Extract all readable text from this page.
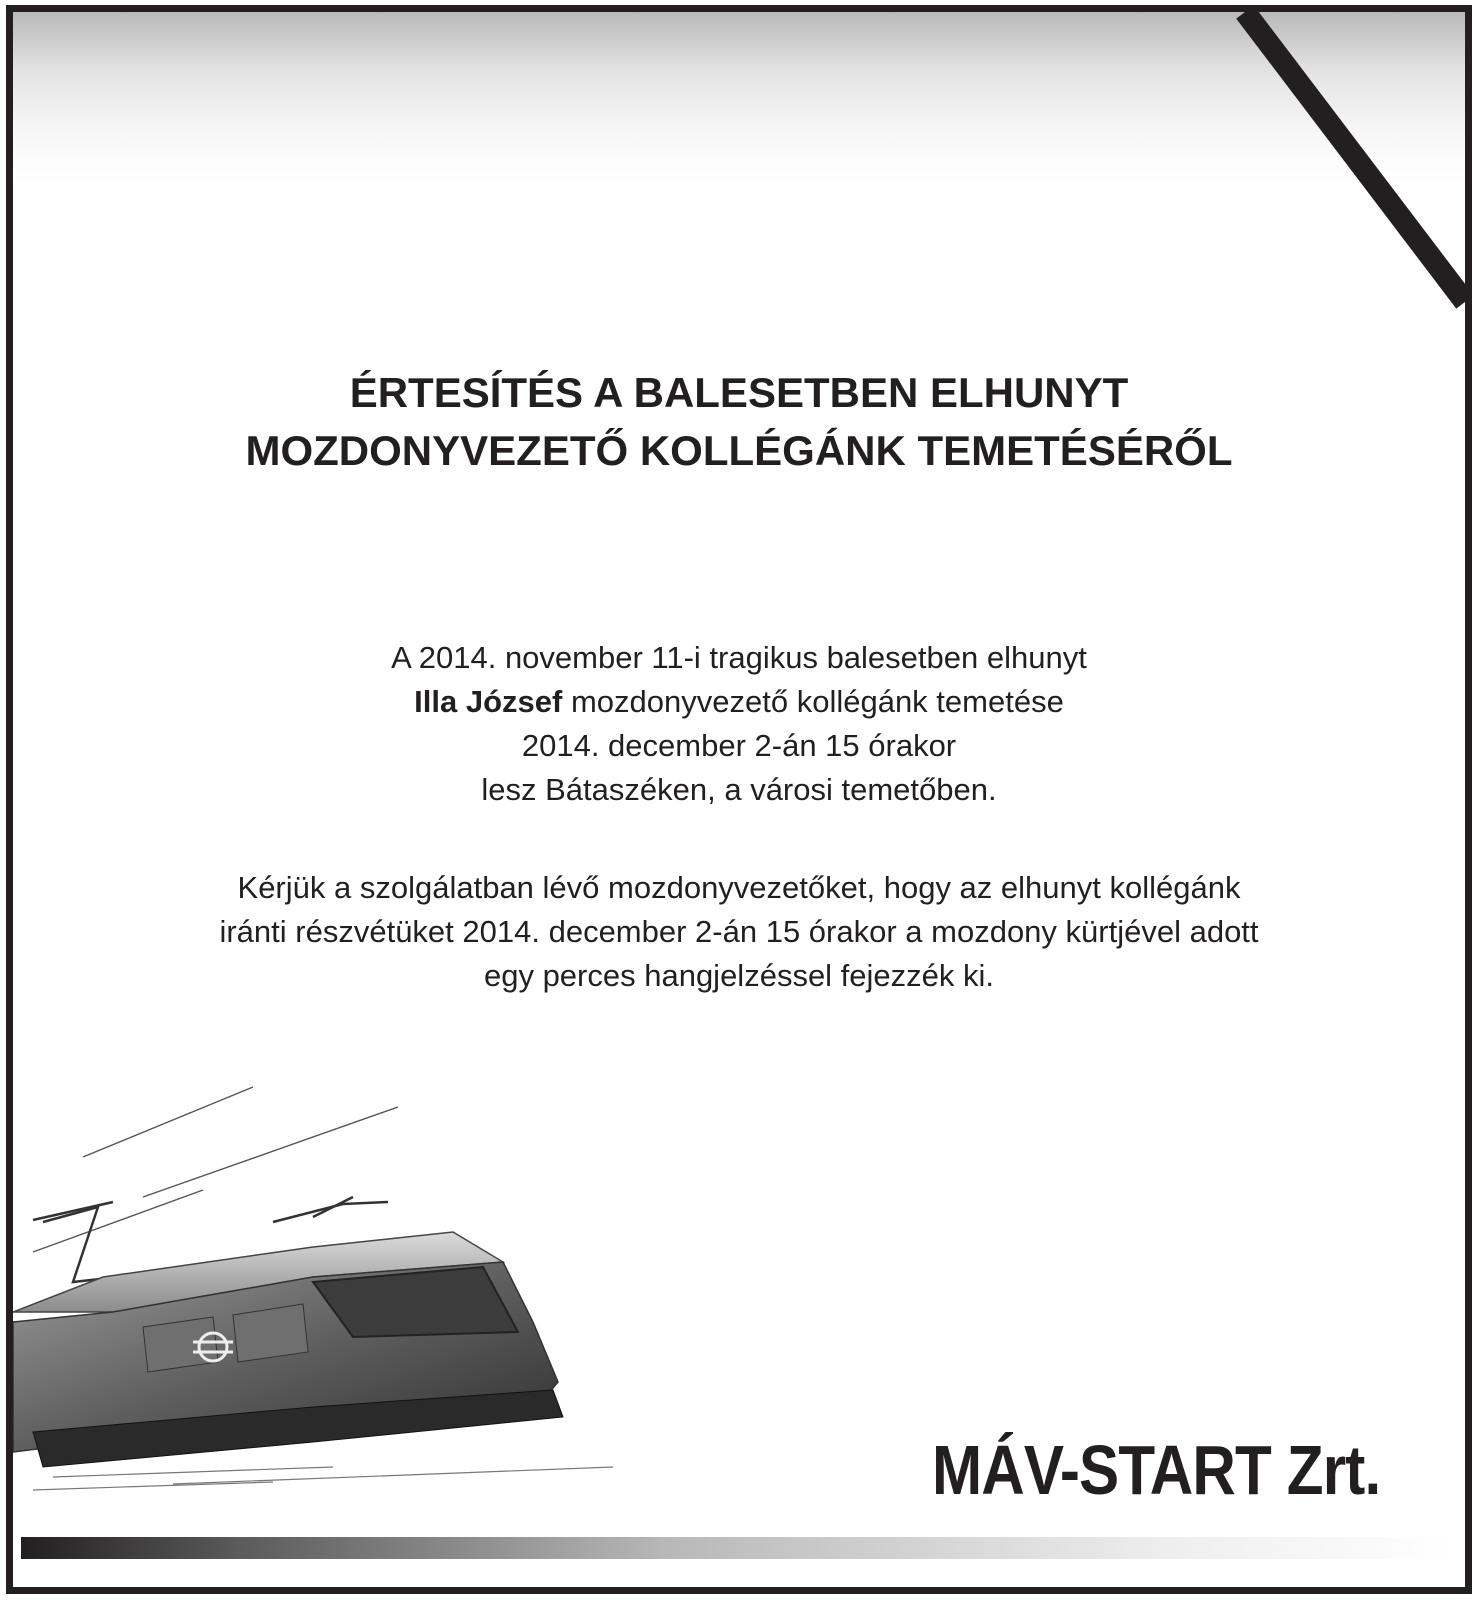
ÉRTESÍTÉS A BALESETBEN ELHUNYT
MOZDONYVEZETŐ KOLLÉGÁNK TEMETÉSÉRŐL
A 2014. november 11-i tragikus balesetben elhunyt
Illa József mozdonyvezető kollégánk temetése
2014. december 2-án 15 órakor
lesz Bátaszéken, a városi temetőben.
Kérjük a szolgálatban lévő mozdonyvezetőket, hogy az elhunyt kollégánk
iránti részvétüket 2014. december 2-án 15 órakor a mozdony kürtjével adott
egy perces hangjelzéssel fejezzék ki.
MÁV-START Zrt.
